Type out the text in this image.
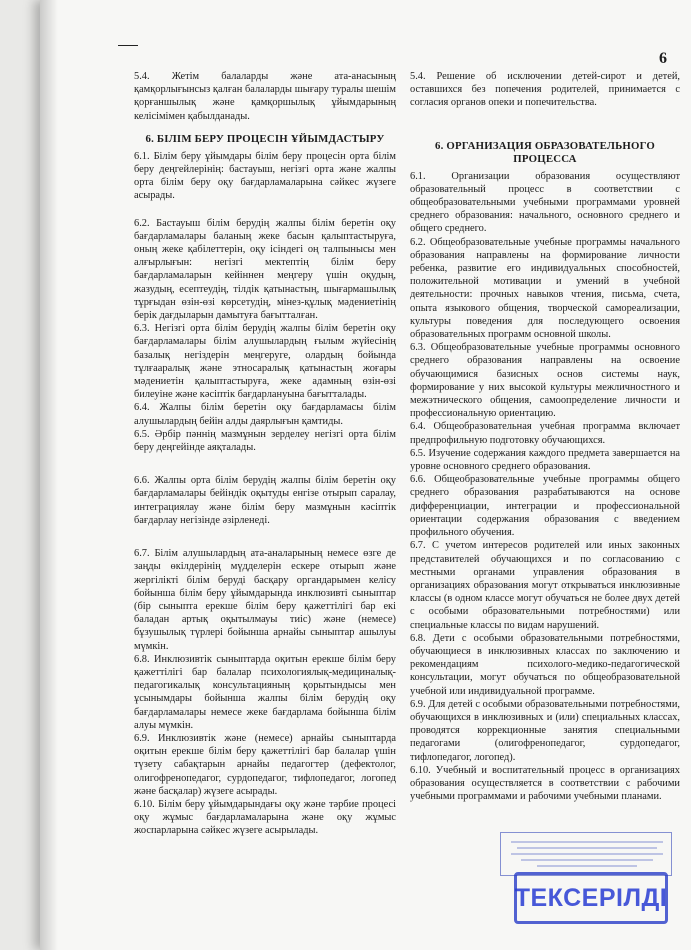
6

5.4. Жетім балаларды және ата-анасының қамқорлығынсыз қалған балаларды шығару туралы шешім қорғаншылық және қамқоршылық ұйымдарының келісімімен қабылданады.

6. БІЛІМ БЕРУ ПРОЦЕСІН ҰЙЫМДАСТЫРУ

6.1. Білім беру ұйымдары білім беру процесін орта білім беру деңгейлерінің: бастауыш, негізгі орта және жалпы орта білім беру оқу бағдарламаларына сәйкес жүзеге асырады.

6.2. Бастауыш білім берудің жалпы білім беретін оқу бағдарламалары баланың жеке басын қалыптастыруға, оның жеке қабілеттерін, оқу ісіндегі оң талпынысы мен алғырлығын: негізгі мектептің білім беру бағдарламаларын кейіннен меңгеру үшін оқудың, жазудың, есептеудің, тілдік қатынастың, шығармашылық тұрғыдан өзін-өзі көрсетудің, мінез-құлық мәдениетінің берік дағдыларын дамытуға бағытталған.

6.3. Негізгі орта білім берудің жалпы білім беретін оқу бағдарламалары білім алушылардың ғылым жүйесінің базалық негіздерін меңгеруге, олардың бойында тұлғааралық және этносаралық қатынастың жоғары мәдениетін қалыптастыруға, жеке адамның өзін-өзі билеуіне және кәсіптік бағдарлануына бағытталады.

6.4. Жалпы білім беретін оқу бағдарламасы білім алушылардың бейін алды даярлығын қамтиды.

6.5. Әрбір пәннің мазмұнын зерделеу негізгі орта білім беру деңгейінде аяқталады.

6.6. Жалпы орта білім берудің жалпы білім беретін оқу бағдарламалары бейіндік оқытуды енгізе отырып саралау, интеграциялау және білім беру мазмұнын кәсіптік бағдарлау негізінде әзірленеді.

6.7. Білім алушылардың ата-аналарының немесе өзге де заңды өкілдерінің мүдделерін ескере отырып және жергілікті білім беруді басқару органдарымен келісу бойынша білім беру ұйымдарында инклюзивті сыныптар (бір сыныпта ерекше білім беру қажеттілігі бар екі баладан артық оқытылмауы тиіс) және (немесе) бұзушылық түрлері бойынша арнайы сыныптар ашылуы мүмкін.

6.8. Инклюзивтік сыныптарда оқитын ерекше білім беру қажеттілігі бар балалар психологиялық-медициналық-педагогикалық консультацияның қорытындысы мен ұсынымдары бойынша жалпы білім берудің оқу бағдарламалары немесе жеке бағдарлама бойынша білім алуы мүмкін.

6.9. Инклюзивтік және (немесе) арнайы сыныптарда оқитын ерекше білім беру қажеттілігі бар балалар үшін түзету сабақтарын арнайы педагогтер (дефектолог, олигофренопедагог, сурдопедагог, тифлопедагог, логопед және басқалар) жүзеге асырады.

6.10. Білім беру ұйымдарындағы оқу және тәрбие процесі оқу жұмыс бағдарламаларына және оқу жұмыс жоспарларына сәйкес жүзеге асырылады.

5.4. Решение об исключении детей-сирот и детей, оставшихся без попечения родителей, принимается с согласия органов опеки и попечительства.

6. ОРГАНИЗАЦИЯ ОБРАЗОВАТЕЛЬНОГО ПРОЦЕССА

6.1. Организации образования осуществляют образовательный процесс в соответствии с общеобразовательными учебными программами уровней среднего образования: начального, основного среднего и общего среднего.

6.2. Общеобразовательные учебные программы начального образования направлены на формирование личности ребенка, развитие его индивидуальных способностей, положительной мотивации и умений в учебной деятельности: прочных навыков чтения, письма, счета, опыта языкового общения, творческой самореализации, культуры поведения для последующего освоения образовательных программ основной школы.

6.3. Общеобразовательные учебные программы основного среднего образования направлены на освоение обучающимися базисных основ системы наук, формирование у них высокой культуры межличностного и межэтнического общения, самоопределение личности и профессиональную ориентацию.

6.4. Общеобразовательная учебная программа включает предпрофильную подготовку обучающихся.

6.5. Изучение содержания каждого предмета завершается на уровне основного среднего образования.

6.6. Общеобразовательные учебные программы общего среднего образования разрабатываются на основе дифференциации, интеграции и профессиональной ориентации содержания образования с введением профильного обучения.

6.7. С учетом интересов родителей или иных законных представителей обучающихся и по согласованию с местными органами управления образования в организациях образования могут открываться инклюзивные классы (в одном классе могут обучаться не более двух детей с особыми образовательными потребностями) или специальные классы по видам нарушений.

6.8. Дети с особыми образовательными потребностями, обучающиеся в инклюзивных классах по заключению и рекомендациям психолого-медико-педагогической консультации, могут обучаться по общеобразовательной учебной или индивидуальной программе.

6.9. Для детей с особыми образовательными потребностями, обучающихся в инклюзивных и (или) специальных классах, проводятся коррекционные занятия специальными педагогами (олигофренопедагог, сурдопедагог, тифлопедагог, логопед).

6.10. Учебный и воспитательный процесс в организациях образования осуществляется в соответствии с рабочими учебными программами и рабочими учебными планами.

ТЕКСЕРІЛДІ
